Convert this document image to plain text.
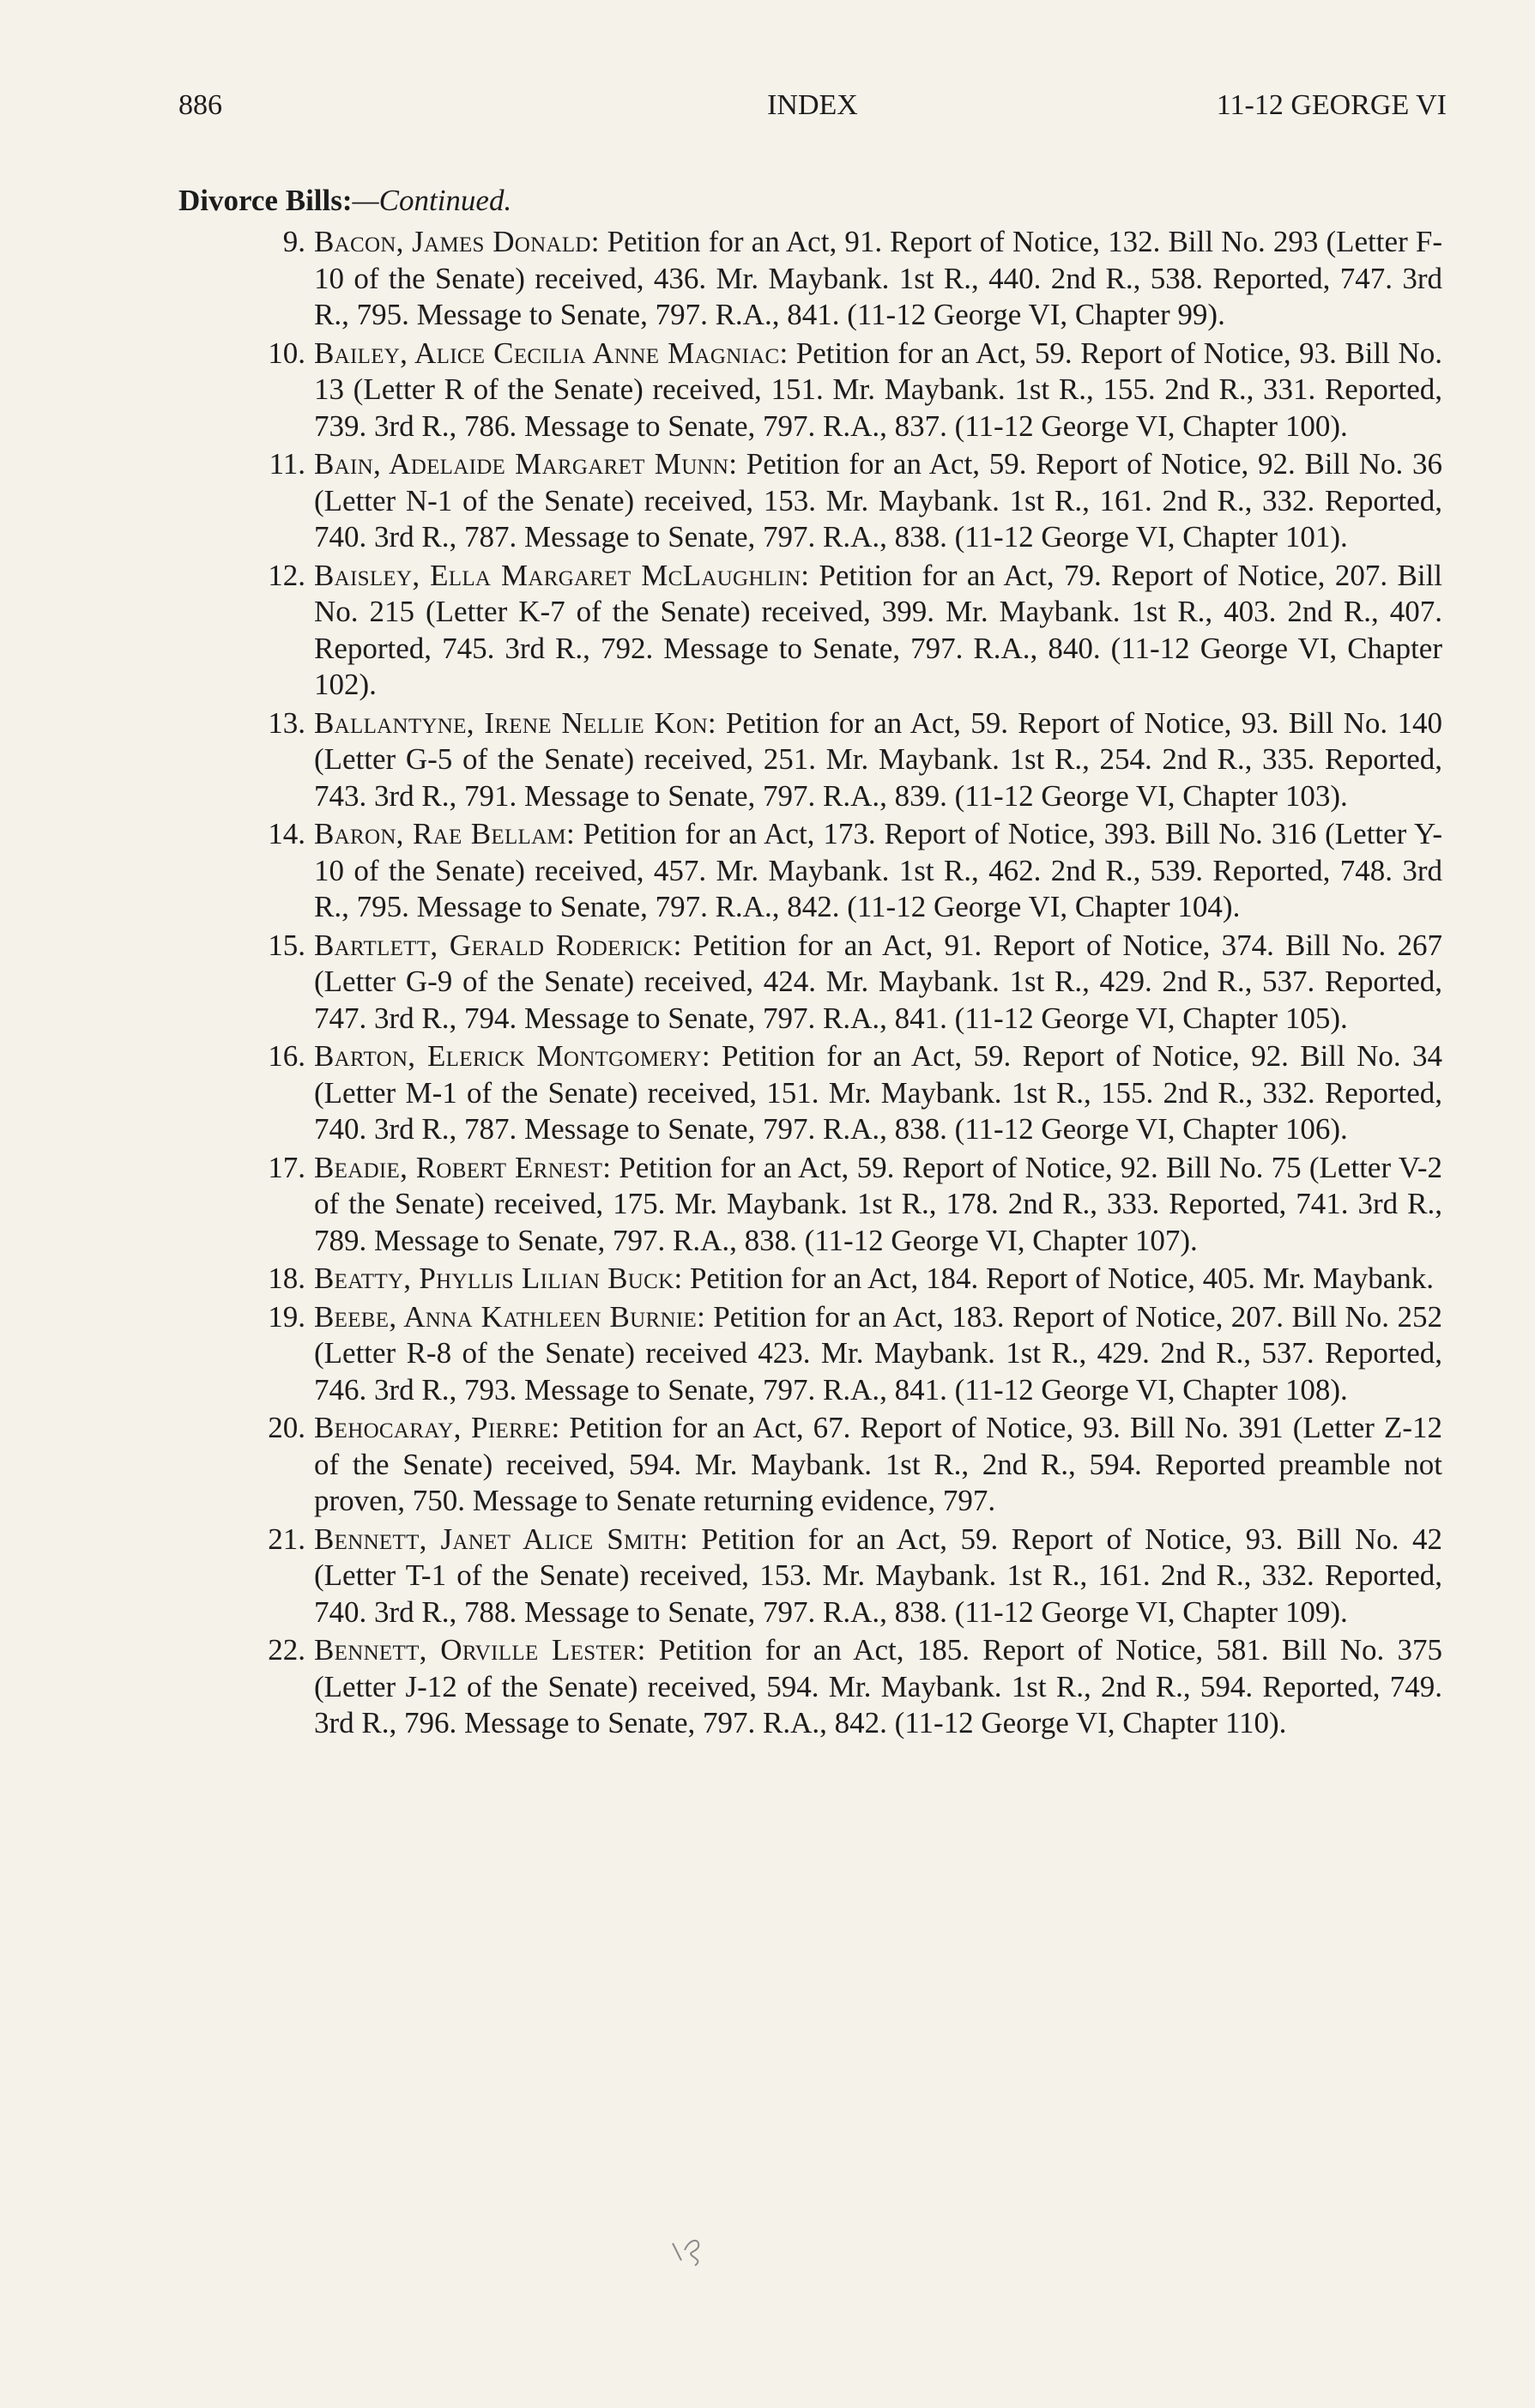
886	INDEX	11-12 GEORGE VI
Divorce Bills:—Continued.
9. Bacon, James Donald: Petition for an Act, 91. Report of Notice, 132. Bill No. 293 (Letter F-10 of the Senate) received, 436. Mr. Maybank. 1st R., 440. 2nd R., 538. Reported, 747. 3rd R., 795. Message to Senate, 797. R.A., 841. (11-12 George VI, Chapter 99).
10. Bailey, Alice Cecilia Anne Magniac: Petition for an Act, 59. Report of Notice, 93. Bill No. 13 (Letter R of the Senate) received, 151. Mr. Maybank. 1st R., 155. 2nd R., 331. Reported, 739. 3rd R., 786. Message to Senate, 797. R.A., 837. (11-12 George VI, Chapter 100).
11. Bain, Adelaide Margaret Munn: Petition for an Act, 59. Report of Notice, 92. Bill No. 36 (Letter N-1 of the Senate) received, 153. Mr. Maybank. 1st R., 161. 2nd R., 332. Reported, 740. 3rd R., 787. Message to Senate, 797. R.A., 838. (11-12 George VI, Chapter 101).
12. Baisley, Ella Margaret McLaughlin: Petition for an Act, 79. Report of Notice, 207. Bill No. 215 (Letter K-7 of the Senate) received, 399. Mr. Maybank. 1st R., 403. 2nd R., 407. Reported, 745. 3rd R., 792. Message to Senate, 797. R.A., 840. (11-12 George VI, Chapter 102).
13. Ballantyne, Irene Nellie Kon: Petition for an Act, 59. Report of Notice, 93. Bill No. 140 (Letter G-5 of the Senate) received, 251. Mr. Maybank. 1st R., 254. 2nd R., 335. Reported, 743. 3rd R., 791. Message to Senate, 797. R.A., 839. (11-12 George VI, Chapter 103).
14. Baron, Rae Bellam: Petition for an Act, 173. Report of Notice, 393. Bill No. 316 (Letter Y-10 of the Senate) received, 457. Mr. Maybank. 1st R., 462. 2nd R., 539. Reported, 748. 3rd R., 795. Message to Senate, 797. R.A., 842. (11-12 George VI, Chapter 104).
15. Bartlett, Gerald Roderick: Petition for an Act, 91. Report of Notice, 374. Bill No. 267 (Letter G-9 of the Senate) received, 424. Mr. Maybank. 1st R., 429. 2nd R., 537. Reported, 747. 3rd R., 794. Message to Senate, 797. R.A., 841. (11-12 George VI, Chapter 105).
16. Barton, Elerick Montgomery: Petition for an Act, 59. Report of Notice, 92. Bill No. 34 (Letter M-1 of the Senate) received, 151. Mr. Maybank. 1st R., 155. 2nd R., 332. Reported, 740. 3rd R., 787. Message to Senate, 797. R.A., 838. (11-12 George VI, Chapter 106).
17. Beadie, Robert Ernest: Petition for an Act, 59. Report of Notice, 92. Bill No. 75 (Letter V-2 of the Senate) received, 175. Mr. Maybank. 1st R., 178. 2nd R., 333. Reported, 741. 3rd R., 789. Message to Senate, 797. R.A., 838. (11-12 George VI, Chapter 107).
18. Beatty, Phyllis Lilian Buck: Petition for an Act, 184. Report of Notice, 405. Mr. Maybank.
19. Beebe, Anna Kathleen Burnie: Petition for an Act, 183. Report of Notice, 207. Bill No. 252 (Letter R-8 of the Senate) received 423. Mr. Maybank. 1st R., 429. 2nd R., 537. Reported, 746. 3rd R., 793. Message to Senate, 797. R.A., 841. (11-12 George VI, Chapter 108).
20. Behocaray, Pierre: Petition for an Act, 67. Report of Notice, 93. Bill No. 391 (Letter Z-12 of the Senate) received, 594. Mr. Maybank. 1st R., 2nd R., 594. Reported preamble not proven, 750. Message to Senate returning evidence, 797.
21. Bennett, Janet Alice Smith: Petition for an Act, 59. Report of Notice, 93. Bill No. 42 (Letter T-1 of the Senate) received, 153. Mr. Maybank. 1st R., 161. 2nd R., 332. Reported, 740. 3rd R., 788. Message to Senate, 797. R.A., 838. (11-12 George VI, Chapter 109).
22. Bennett, Orville Lester: Petition for an Act, 185. Report of Notice, 581. Bill No. 375 (Letter J-12 of the Senate) received, 594. Mr. Maybank. 1st R., 2nd R., 594. Reported, 749. 3rd R., 796. Message to Senate, 797. R.A., 842. (11-12 George VI, Chapter 110).
